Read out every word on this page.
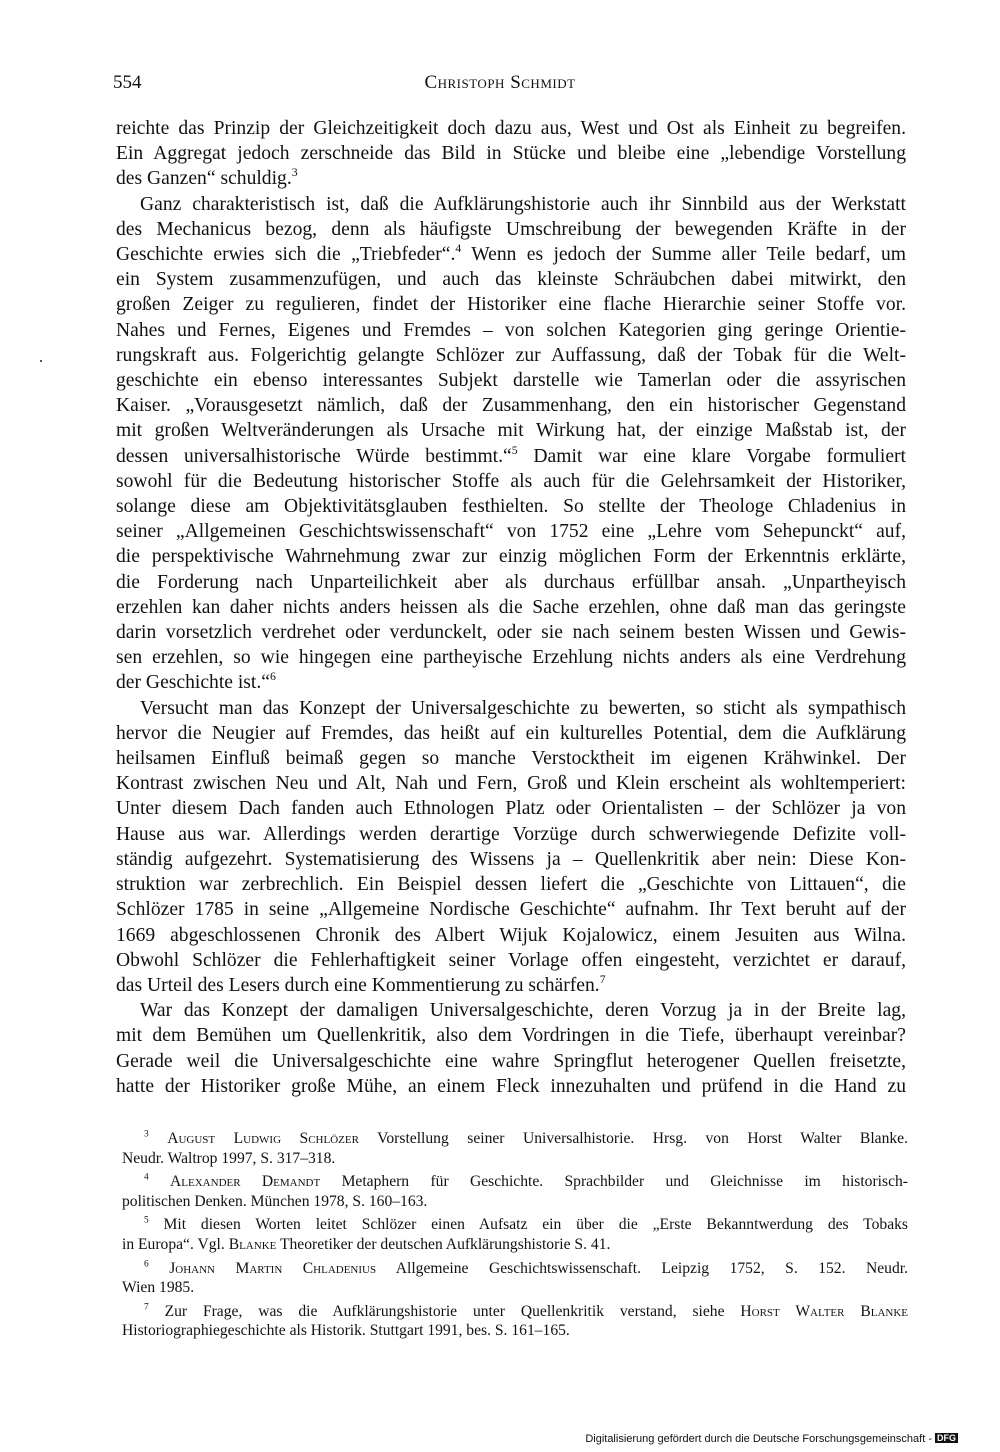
554	Christoph Schmidt
reichte das Prinzip der Gleichzeitigkeit doch dazu aus, West und Ost als Einheit zu begreifen.
Ein Aggregat jedoch zerschneide das Bild in Stücke und bleibe eine „lebendige Vorstellung
des Ganzen“ schuldig.$^3$
Ganz charakteristisch ist, daß die Aufklärungshistorie auch ihr Sinnbild aus der Werkstatt
des Mechanicus bezog, denn als häufigste Umschreibung der bewegenden Kräfte in der
Geschichte erwies sich die „Triebfeder“.$^4$ Wenn es jedoch der Summe aller Teile bedarf, um
ein System zusammenzufügen, und auch das kleinste Schräubchen dabei mitwirkt, den
großen Zeiger zu regulieren, findet der Historiker eine flache Hierarchie seiner Stoffe vor.
Nahes und Fernes, Eigenes und Fremdes – von solchen Kategorien ging geringe Orientie-
rungskraft aus. Folgerichtig gelangte Schlözer zur Auffassung, daß der Tobak für die Welt-
geschichte ein ebenso interessantes Subjekt darstelle wie Tamerlan oder die assyrischen
Kaiser. „Vorausgesetzt nämlich, daß der Zusammenhang, den ein historischer Gegenstand
mit großen Weltveränderungen als Ursache mit Wirkung hat, der einzige Maßstab ist, der
dessen universalhistorische Würde bestimmt.“$^5$ Damit war eine klare Vorgabe formuliert
sowohl für die Bedeutung historischer Stoffe als auch für die Gelehrsamkeit der Historiker,
solange diese am Objektivitätsglauben festhielten. So stellte der Theologe Chladenius in
seiner „Allgemeinen Geschichtswissenschaft“ von 1752 eine „Lehre vom Sehepunckt“ auf,
die perspektivische Wahrnehmung zwar zur einzig möglichen Form der Erkenntnis erklärte,
die Forderung nach Unparteilichkeit aber als durchaus erfüllbar ansah. „Unpartheyisch
erzehlen kan daher nichts anders heissen als die Sache erzehlen, ohne daß man das geringste
darin vorsetzlich verdrehet oder verdunckelt, oder sie nach seinem besten Wissen und Gewis-
sen erzehlen, so wie hingegen eine partheyische Erzehlung nichts anders als eine Verdrehung
der Geschichte ist.“$^6$
Versucht man das Konzept der Universalgeschichte zu bewerten, so sticht als sympathisch
hervor die Neugier auf Fremdes, das heißt auf ein kulturelles Potential, dem die Aufklärung
heilsamen Einfluß beimaß gegen so manche Verstocktheit im eigenen Krähwinkel. Der
Kontrast zwischen Neu und Alt, Nah und Fern, Groß und Klein erscheint als wohltemperiert:
Unter diesem Dach fanden auch Ethnologen Platz oder Orientalisten – der Schlözer ja von
Hause aus war. Allerdings werden derartige Vorzüge durch schwerwiegende Defizite voll-
ständig aufgezehrt. Systematisierung des Wissens ja – Quellenkritik aber nein: Diese Kon-
struktion war zerbrechlich. Ein Beispiel dessen liefert die „Geschichte von Littauen“, die
Schlözer 1785 in seine „Allgemeine Nordische Geschichte“ aufnahm. Ihr Text beruht auf der
1669 abgeschlossenen Chronik des Albert Wijuk Kojalowicz, einem Jesuiten aus Wilna.
Obwohl Schlözer die Fehlerhaftigkeit seiner Vorlage offen eingesteht, verzichtet er darauf,
das Urteil des Lesers durch eine Kommentierung zu schärfen.$^7$
War das Konzept der damaligen Universalgeschichte, deren Vorzug ja in der Breite lag,
mit dem Bemühen um Quellenkritik, also dem Vordringen in die Tiefe, überhaupt vereinbar?
Gerade weil die Universalgeschichte eine wahre Springflut heterogener Quellen freisetzte,
hatte der Historiker große Mühe, an einem Fleck innezuhalten und prüfend in die Hand zu
$^3$ August Ludwig Schlözer Vorstellung seiner Universalhistorie. Hrsg. von Horst Walter Blanke.
Neudr. Waltrop 1997, S. 317–318.
$^4$ Alexander Demandt Metaphern für Geschichte. Sprachbilder und Gleichnisse im historisch-
politischen Denken. München 1978, S. 160–163.
$^5$ Mit diesen Worten leitet Schlözer einen Aufsatz ein über die „Erste Bekanntwerdung des Tobaks
in Europa“. Vgl. Blanke Theoretiker der deutschen Aufklärungshistorie S. 41.
$^6$ Johann Martin Chladenius Allgemeine Geschichtswissenschaft. Leipzig 1752, S. 152. Neudr.
Wien 1985.
$^7$ Zur Frage, was die Aufklärungshistorie unter Quellenkritik verstand, siehe Horst Walter Blanke
Historiographiegeschichte als Historik. Stuttgart 1991, bes. S. 161–165.
Digitalisierung gefördert durch die Deutsche Forschungsgemeinschaft - DFG
